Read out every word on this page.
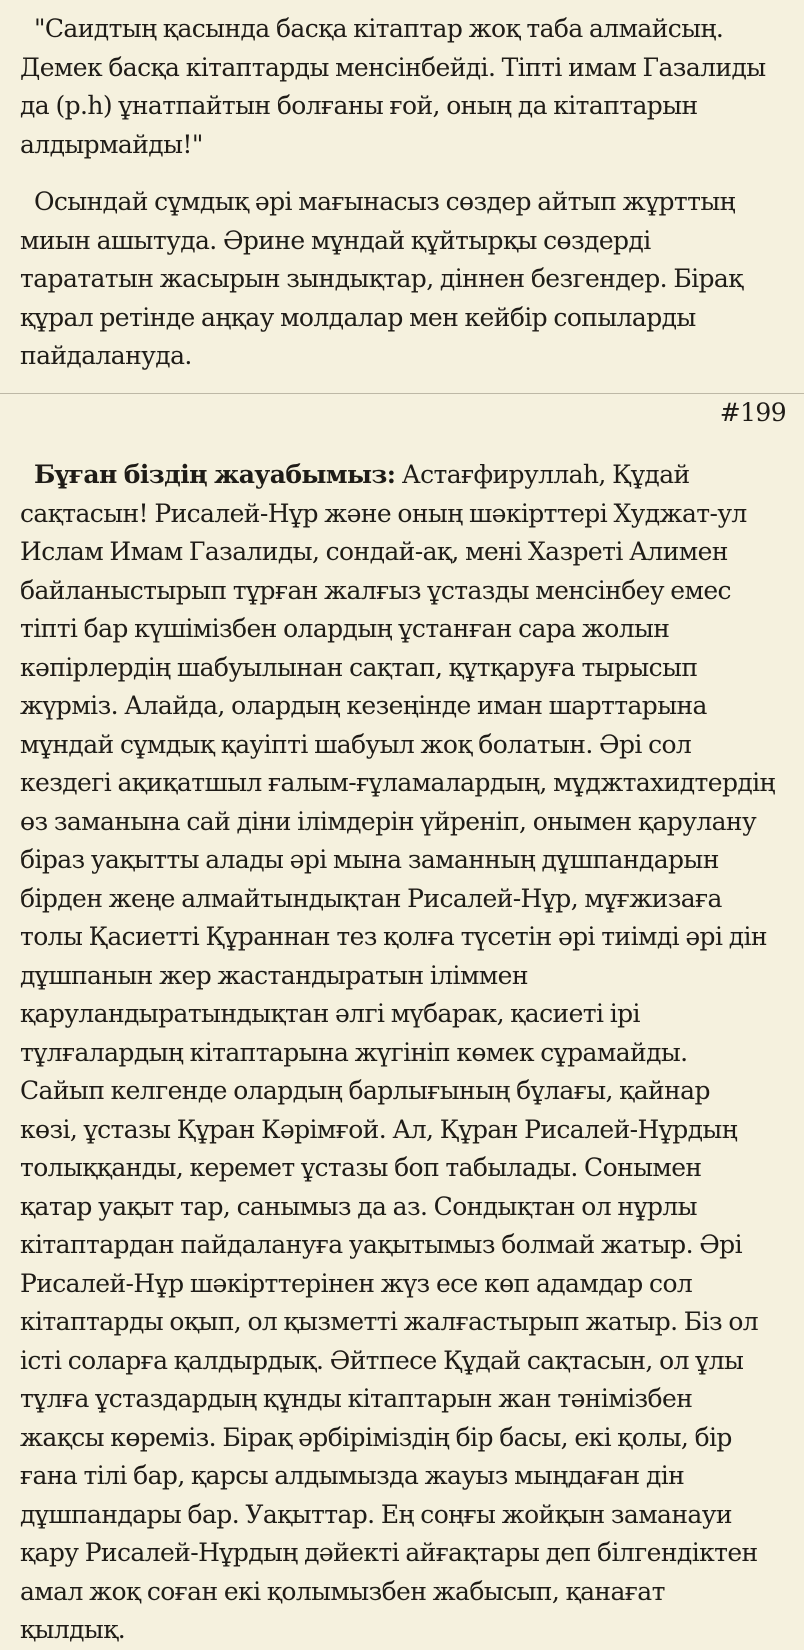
"Саидтың қасында басқа кітаптар жоқ таба алмайсың.
Демек басқа кітаптарды менсінбейді. Тіпті имам Газалиды
да (р.һ) ұнатпайтын болғаны ғой, оның да кітаптарын
алдырмайды!"

Осындай сұмдық әрі мағынасыз сөздер айтып жұрттың
миын ашытуда. Әрине мұндай құйтырқы сөздерді
тарататын жасырын зындықтар, діннен безгендер. Бірақ
құрал ретінде аңқау молдалар мен кейбір сопыларды
пайдалануда.

#199

Бұған біздің жауабымыз: Астағфируллаһ, Құдай
сақтасын! Рисалей-Нұр және оның шәкірттері Худжат-ул
Ислам Имам Газалиды, сондай-ақ, мені Хазреті Алимен
байланыстырып тұрған жалғыз ұстазды менсінбеу емес
тіпті бар күшімізбен олардың ұстанған сара жолын
кәпірлердің шабуылынан сақтап, құтқаруға тырысып
жүрміз. Алайда, олардың кезеңінде иман шарттарына
мұндай сұмдық қауіпті шабуыл жоқ болатын. Әрі сол
кездегі ақиқатшыл ғалым-ғұламалардың, мұджтахидтердің
өз заманына сай діни ілімдерін үйреніп, онымен қарулану
біраз уақытты алады әрі мына заманның дұшпандарын
бірден жеңе алмайтындықтан Рисалей-Нұр, мұғжизаға
толы Қасиетті Құраннан тез қолға түсетін әрі тиімді әрі дін
дұшпанын жер жастандыратын іліммен
қаруландыратындықтан әлгі мүбарак, қасиеті ірі
тұлғалардың кітаптарына жүгініп көмек сұрамайды.
Сайып келгенде олардың барлығының бұлағы, қайнар
көзі, ұстазы Құран Кәрімғой. Ал, Құран Рисалей-Нұрдың
толыққанды, керемет ұстазы боп табылады. Сонымен
қатар уақыт тар, санымыз да аз. Сондықтан ол нұрлы
кітаптардан пайдалануға уақытымыз болмай жатыр. Әрі
Рисалей-Нұр шәкірттерінен жүз есе көп адамдар сол
кітаптарды оқып, ол қызметті жалғастырып жатыр. Біз ол
істі соларға қалдырдық. Әйтпесе Құдай сақтасын, ол ұлы
тұлға ұстаздардың құнды кітаптарын жан тәнімізбен
жақсы көреміз. Бірақ әрбіріміздің бір басы, екі қолы, бір
ғана тілі бар, қарсы алдымызда жауыз мыңдаған дін
дұшпандары бар. Уақыттар. Ең соңғы жойқын заманауи
қару Рисалей-Нұрдың дәйекті айғақтары деп білгендіктен
амал жоқ соған екі қолымызбен жабысып, қанағат
қылдық.
